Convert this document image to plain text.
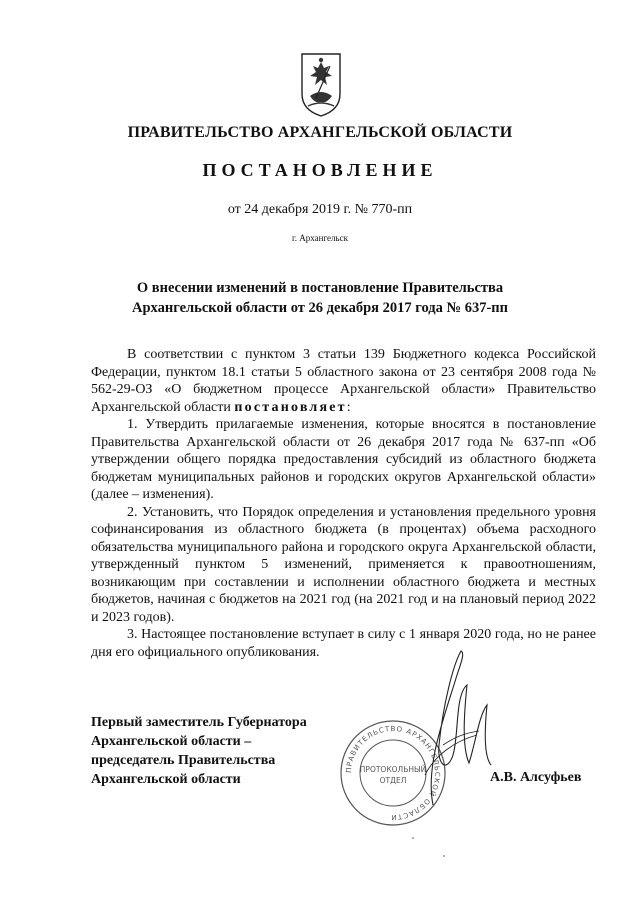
ПРАВИТЕЛЬСТВО АРХАНГЕЛЬСКОЙ ОБЛАСТИ
ПОСТАНОВЛЕНИЕ
от 24 декабря 2019 г. № 770-пп
г. Архангельск
О внесении изменений в постановление Правительства
Архангельской области от 26 декабря 2017 года № 637-пп

В соответствии с пунктом 3 статьи 139 Бюджетного кодекса Российской Федерации, пунктом 18.1 статьи 5 областного закона от 23 сентября 2008 года № 562-29-ОЗ «О бюджетном процессе Архангельской области» Правительство Архангельской области постановляет:

1. Утвердить прилагаемые изменения, которые вносятся в постановление Правительства Архангельской области от 26 декабря 2017 года № 637-пп «Об утверждении общего порядка предоставления субсидий из областного бюджета бюджетам муниципальных районов и городских округов Архангельской области» (далее – изменения).

2. Установить, что Порядок определения и установления предельного уровня софинансирования из областного бюджета (в процентах) объема расходного обязательства муниципального района и городского округа Архангельской области, утвержденный пунктом 5 изменений, применяется к правоотношениям, возникающим при составлении и исполнении областного бюджета и местных бюджетов, начиная с бюджетов на 2021 год (на 2021 год и на плановый период 2022 и 2023 годов).

3. Настоящее постановление вступает в силу с 1 января 2020 года, но не ранее дня его официального опубликования.

Первый заместитель Губернатора
Архангельской области –
председатель Правительства
Архангельской области
ПРАВИТЕЛЬСТВО АРХАНГЕЛЬСКОЙ ОБЛАСТИ
ПРОТОКОЛЬНЫЙ
ОТДЕЛ	А.В. Алсуфьев
